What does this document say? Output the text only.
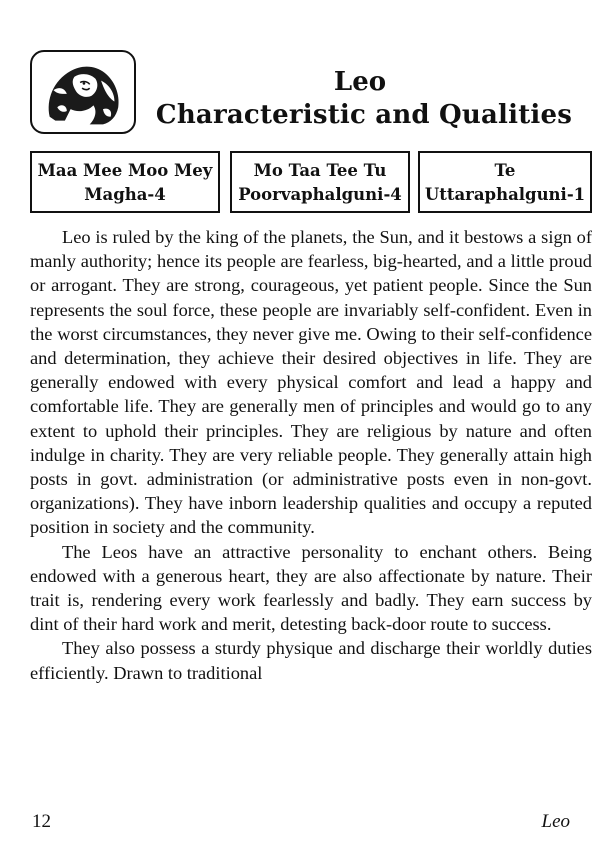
Leo
Characteristic and Qualities
Maa Mee Moo Mey
Magha-4
Mo Taa Tee Tu
Poorvaphalguni-4
Te
Uttaraphalguni-1

Leo is ruled by the king of the planets, the Sun, and it bestows a sign of manly authority; hence its people are fearless, big-hearted, and a little proud or arrogant. They are strong, courageous, yet patient people. Since the Sun represents the soul force, these people are invariably self-confident. Even in the worst circumstances, they never give me. Owing to their self-confidence and determination, they achieve their desired objectives in life. They are generally endowed with every physical comfort and lead a happy and comfortable life. They are generally men of principles and would go to any extent to uphold their principles. They are religious by nature and often indulge in charity. They are very reliable people. They generally attain high posts in govt. administration (or administrative posts even in non-govt. organizations). They have inborn leadership qualities and occupy a reputed position in society and the community.

The Leos have an attractive personality to enchant others. Being endowed with a generous heart, they are also affectionate by nature. Their trait is, rendering every work fearlessly and badly. They earn success by dint of their hard work and merit, detesting back-door route to success.

They also possess a sturdy physique and discharge their worldly duties efficiently. Drawn to traditional

12	Leo
